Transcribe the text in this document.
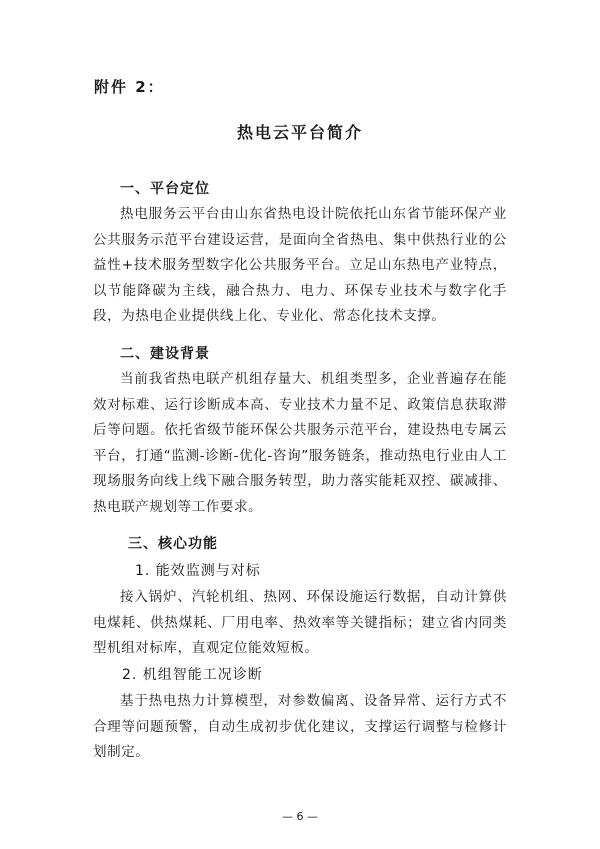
附件 2：
热电云平台简介
一、平台定位

热电服务云平台由山东省热电设计院依托山东省节能环保产业公共服务示范平台建设运营，是面向全省热电、集中供热行业的公益性+技术服务型数字化公共服务平台。立足山东热电产业特点，以节能降碳为主线，融合热力、电力、环保专业技术与数字化手段，为热电企业提供线上化、专业化、常态化技术支撑。

二、建设背景

当前我省热电联产机组存量大、机组类型多，企业普遍存在能效对标难、运行诊断成本高、专业技术力量不足、政策信息获取滞后等问题。依托省级节能环保公共服务示范平台，建设热电专属云平台，打通“监测-诊断-优化-咨询”服务链条，推动热电行业由人工现场服务向线上线下融合服务转型，助力落实能耗双控、碳减排、热电联产规划等工作要求。

三、核心功能
1. 能效监测与对标

接入锅炉、汽轮机组、热网、环保设施运行数据，自动计算供电煤耗、供热煤耗、厂用电率、热效率等关键指标；建立省内同类型机组对标库，直观定位能效短板。

2. 机组智能工况诊断

基于热电热力计算模型，对参数偏离、设备异常、运行方式不合理等问题预警，自动生成初步优化建议，支撑运行调整与检修计划制定。

— 6 —
